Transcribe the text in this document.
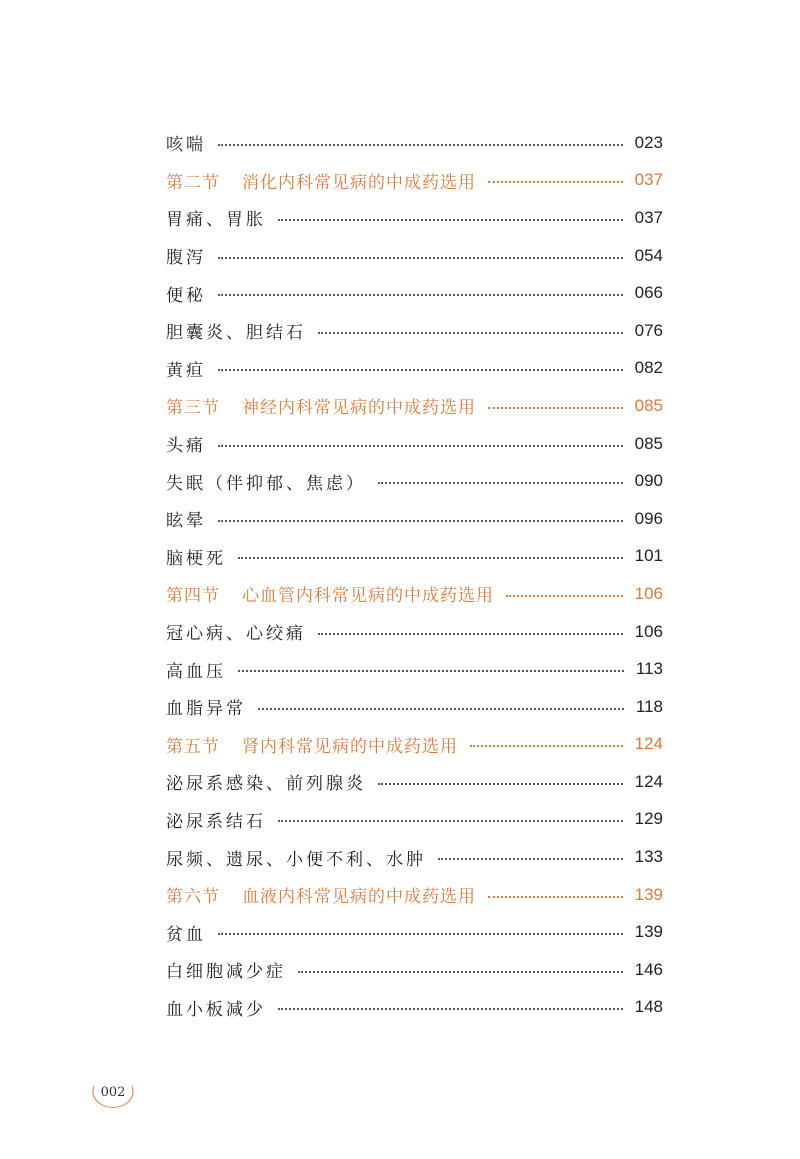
咳喘	023
第二节 消化内科常见病的中成药选用	037
胃痛、胃胀	037
腹泻	054
便秘	066
胆囊炎、胆结石	076
黄疸	082
第三节 神经内科常见病的中成药选用	085
头痛	085
失眠（伴抑郁、焦虑）	090
眩晕	096
脑梗死	101
第四节 心血管内科常见病的中成药选用	106
冠心病、心绞痛	106
高血压	113
血脂异常	118
第五节 肾内科常见病的中成药选用	124
泌尿系感染、前列腺炎	124
泌尿系结石	129
尿频、遗尿、小便不利、水肿	133
第六节 血液内科常见病的中成药选用	139
贫血	139
白细胞减少症	146
血小板减少	148
002
